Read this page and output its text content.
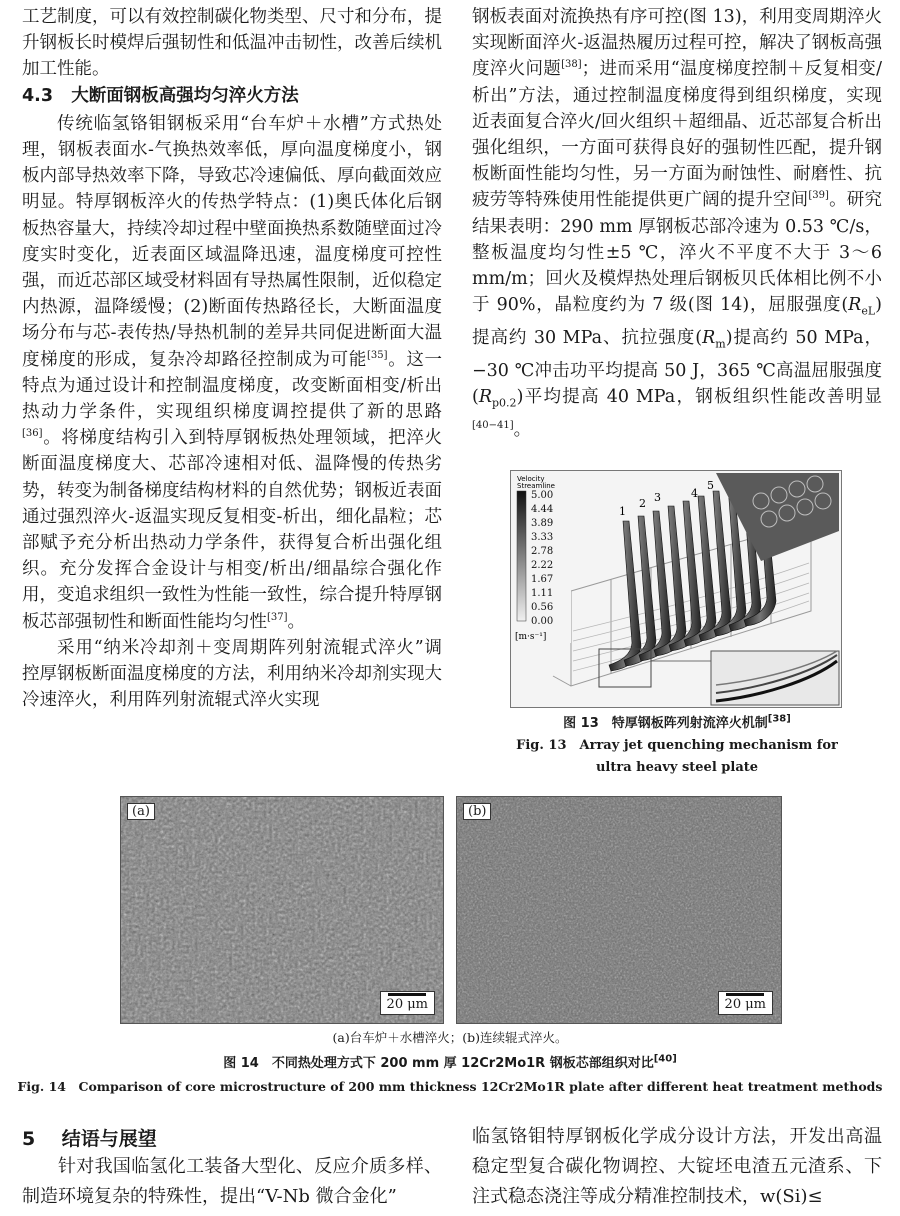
工艺制度，可以有效控制碳化物类型、尺寸和分布，提升钢板长时模焊后强韧性和低温冲击韧性，改善后续机加工性能。

4.3 大断面钢板高强均匀淬火方法

传统临氢铬钼钢板采用“台车炉＋水槽”方式热处理，钢板表面水-气换热效率低，厚向温度梯度小，钢板内部导热效率下降，导致芯冷速偏低、厚向截面效应明显。特厚钢板淬火的传热学特点：(1)奥氏体化后钢板热容量大，持续冷却过程中壁面换热系数随壁面过冷度实时变化，近表面区域温降迅速，温度梯度可控性强，而近芯部区域受材料固有导热属性限制，近似稳定内热源，温降缓慢；(2)断面传热路径长，大断面温度场分布与芯-表传热/导热机制的差异共同促进断面大温度梯度的形成，复杂冷却路径控制成为可能[35]。这一特点为通过设计和控制温度梯度，改变断面相变/析出热动力学条件，实现组织梯度调控提供了新的思路[36]。将梯度结构引入到特厚钢板热处理领域，把淬火断面温度梯度大、芯部冷速相对低、温降慢的传热劣势，转变为制备梯度结构材料的自然优势；钢板近表面通过强烈淬火-返温实现反复相变-析出，细化晶粒；芯部赋予充分析出热动力学条件，获得复合析出强化组织。充分发挥合金设计与相变/析出/细晶综合强化作用，变追求组织一致性为性能一致性，综合提升特厚钢板芯部强韧性和断面性能均匀性[37]。

采用“纳米冷却剂＋变周期阵列射流辊式淬火”调控厚钢板断面温度梯度的方法，利用纳米冷却剂实现大冷速淬火，利用阵列射流辊式淬火实现

钢板表面对流换热有序可控(图 13)，利用变周期淬火实现断面淬火-返温热履历过程可控，解决了钢板高强度淬火问题[38]；进而采用“温度梯度控制＋反复相变/析出”方法，通过控制温度梯度得到组织梯度，实现近表面复合淬火/回火组织＋超细晶、近芯部复合析出强化组织，一方面可获得良好的强韧性匹配，提升钢板断面性能均匀性，另一方面为耐蚀性、耐磨性、抗疲劳等特殊使用性能提供更广阔的提升空间[39]。研究结果表明：290 mm 厚钢板芯部冷速为 0.53 ℃/s，整板温度均匀性±5 ℃，淬火不平度不大于 3～6 mm/m；回火及模焊热处理后钢板贝氏体相比例不小于 90%，晶粒度约为 7 级(图 14)，屈服强度$(R_{eL})$提高约 30 MPa、抗拉强度$(R_m)$提高约 50 MPa，−30 ℃冲击功平均提高 50 J，365 ℃高温屈服强度$(R_{p0.2})$平均提高 40 MPa，钢板组织性能改善明显[40−41]。

1
2 3	4
5
Velocity
Streamline
5.00
4.44
3.89
3.33
2.78
2.22
1.67
1.11
0.56
0.00
[m·s⁻¹]
图 13　特厚钢板阵列射流淬火机制[38]
Fig. 13　Array jet quenching mechanism for
ultra heavy steel plate
(a)
20 μm
(b)
20 μm
(a)台车炉＋水槽淬火；(b)连续辊式淬火。
图 14　不同热处理方式下 200 mm 厚 12Cr2Mo1R 钢板芯部组织对比[40]
Fig. 14　Comparison of core microstructure of 200 mm thickness 12Cr2Mo1R plate after different heat treatment methods
5 结语与展望
针对我国临氢化工装备大型化、反应介质多样、制造环境复杂的特殊性，提出“V-Nb 微合金化”
临氢铬钼特厚钢板化学成分设计方法，开发出高温稳定型复合碳化物调控、大锭坯电渣五元渣系、下注式稳态浇注等成分精准控制技术，w(Si)≤
